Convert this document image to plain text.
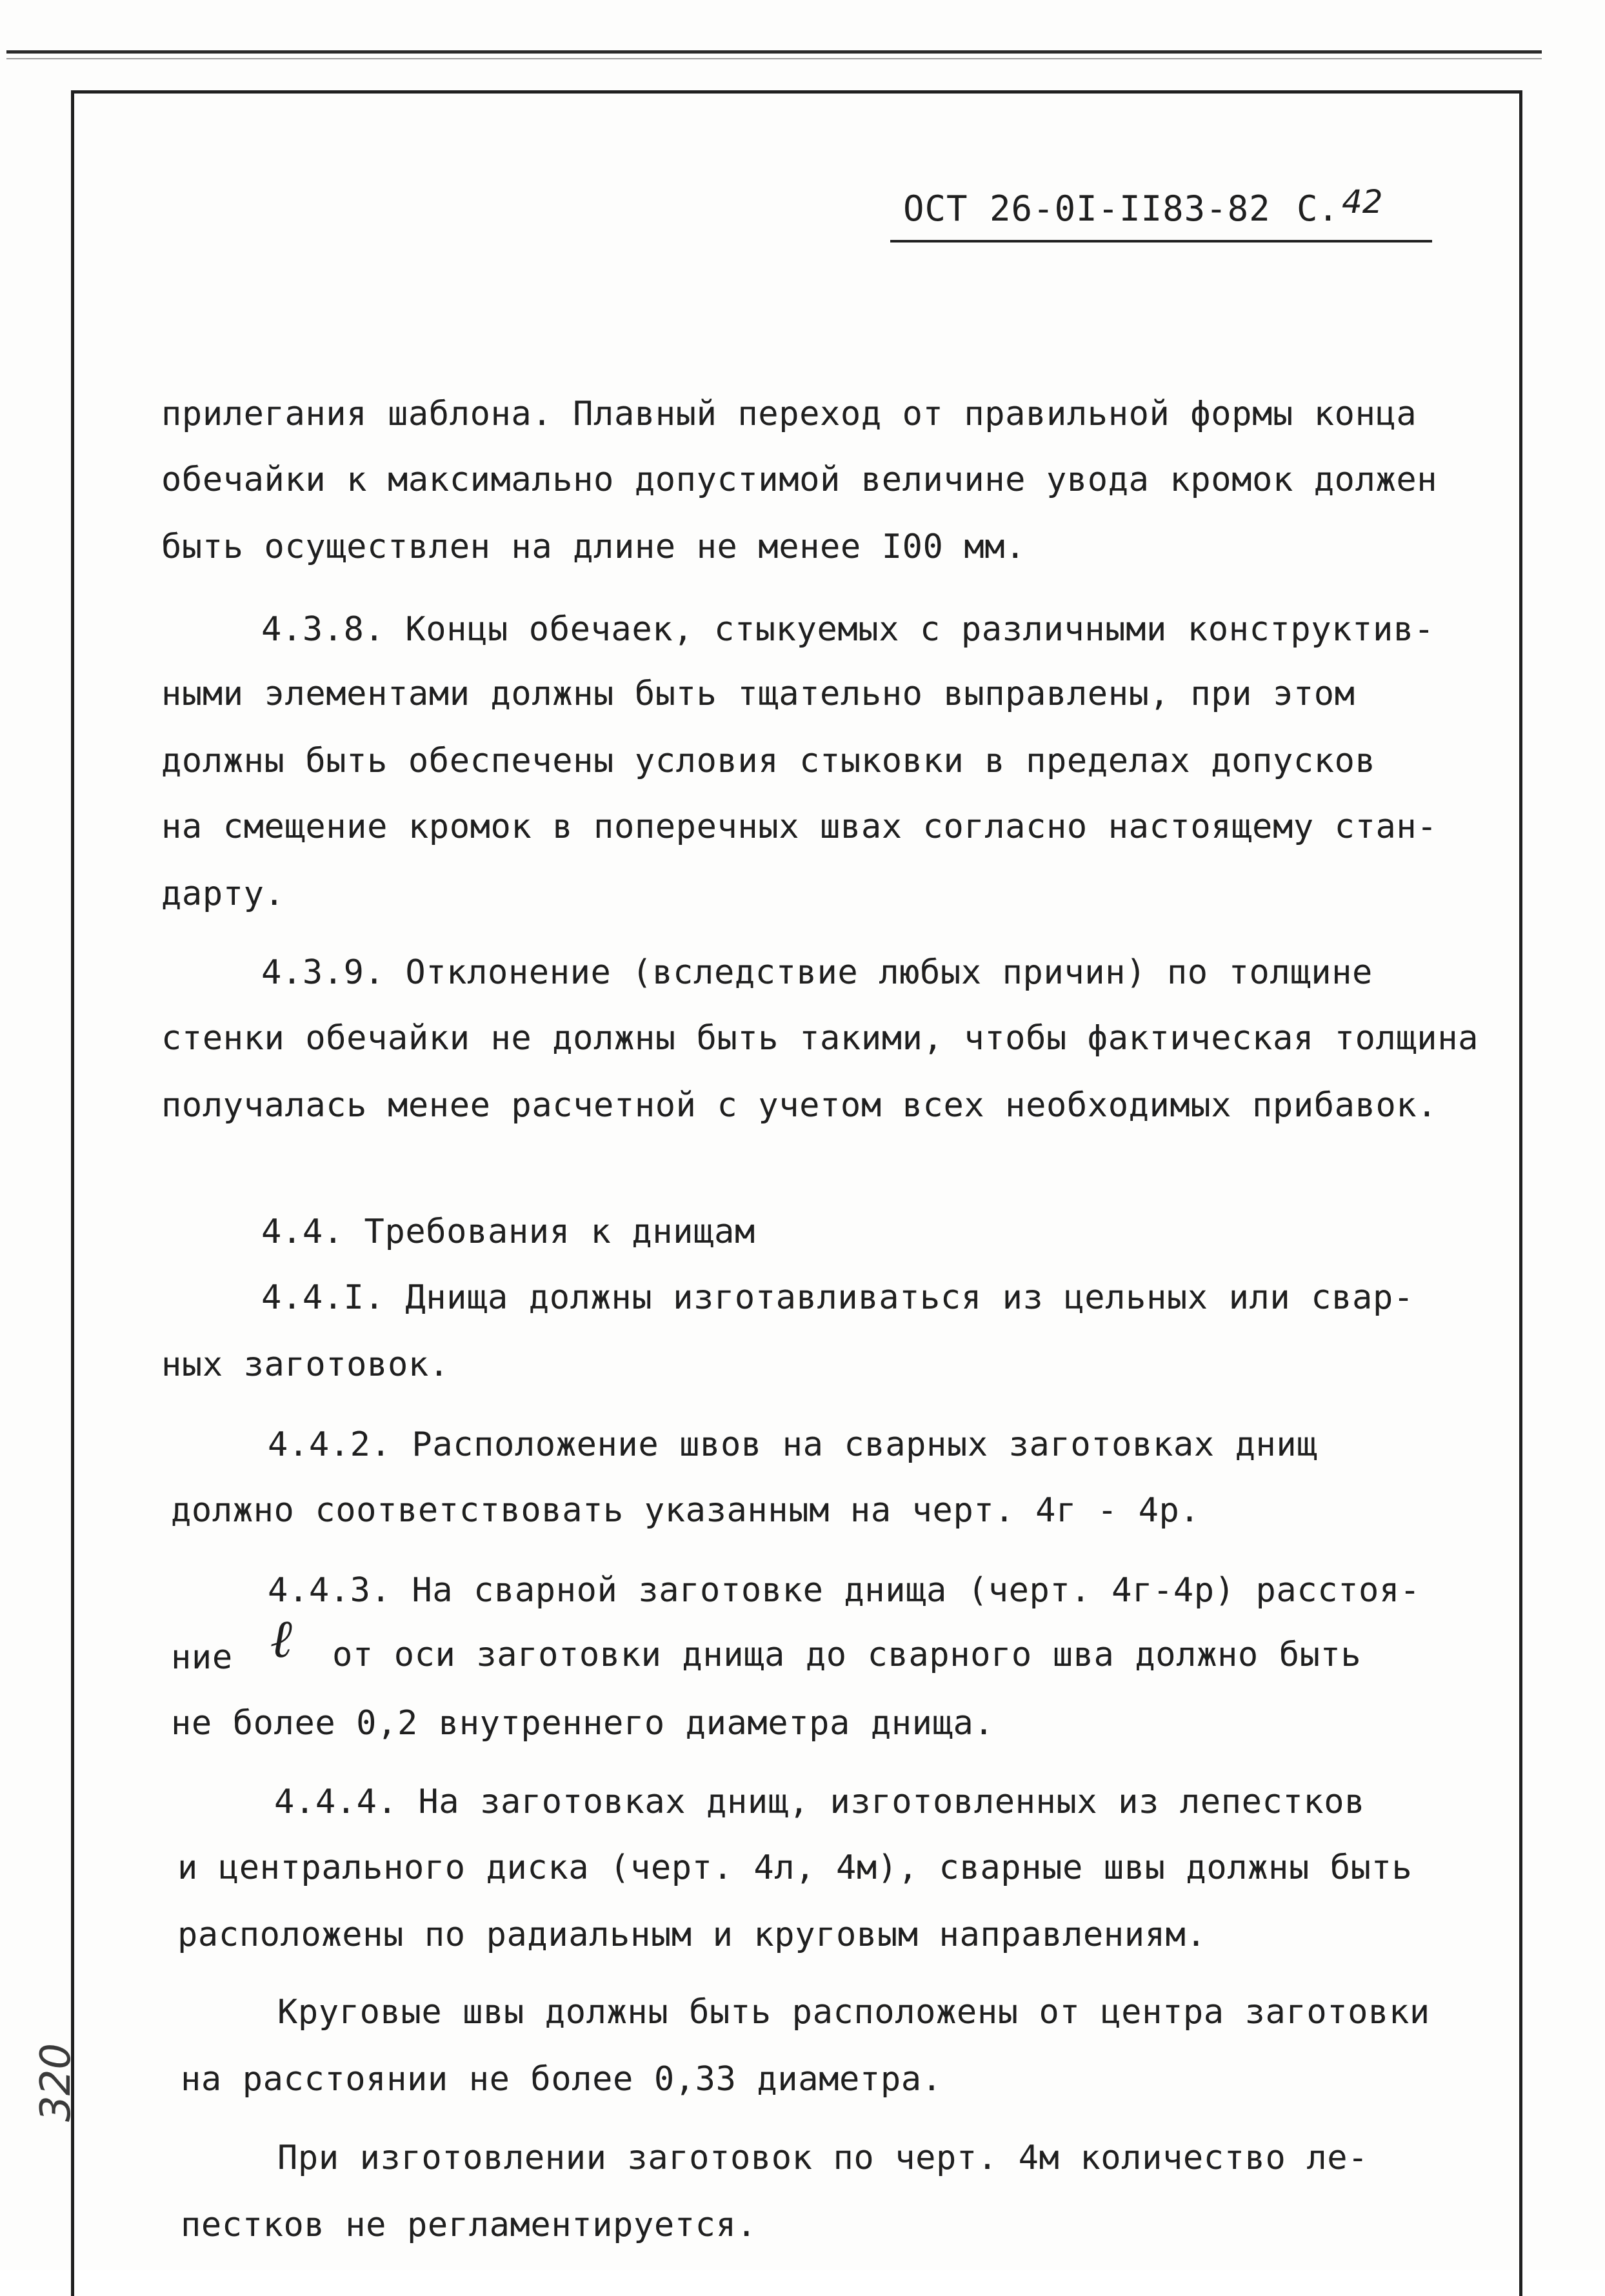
ОСТ 26-0I-II83-82 С. 42
прилегания шаблона. Плавный переход от правильной формы конца
обечайки к максимально допустимой величине увода кромок должен
быть осуществлен на длине не менее I00 мм.
4.3.8. Концы обечаек, стыкуемых с различными конструктив-
ными элементами должны быть тщательно выправлены, при этом
должны быть обеспечены условия стыковки в пределах допусков
на смещение кромок в поперечных швах согласно настоящему стан-
дарту.
4.3.9. Отклонение (вследствие любых причин) по толщине
стенки обечайки не должны быть такими, чтобы фактическая толщина
получалась менее расчетной с учетом всех необходимых прибавок.
4.4. Требования к днищам
4.4.I. Днища должны изготавливаться из цельных или свар-
ных заготовок.
4.4.2. Расположение швов на сварных заготовках днищ
должно соответствовать указанным на черт. 4г - 4р.
4.4.3. На сварной заготовке днища (черт. 4г-4р) расстоя-
ние ℓ от оси заготовки днища до сварного шва должно быть
не более 0,2 внутреннего диаметра днища.
4.4.4. На заготовках днищ, изготовленных из лепестков
и центрального диска (черт. 4л, 4м), сварные швы должны быть
расположены по радиальным и круговым направлениям.
Круговые швы должны быть расположены от центра заготовки
на расстоянии не более 0,33 диаметра.
При изготовлении заготовок по черт. 4м количество ле-
пестков не регламентируется.
320
